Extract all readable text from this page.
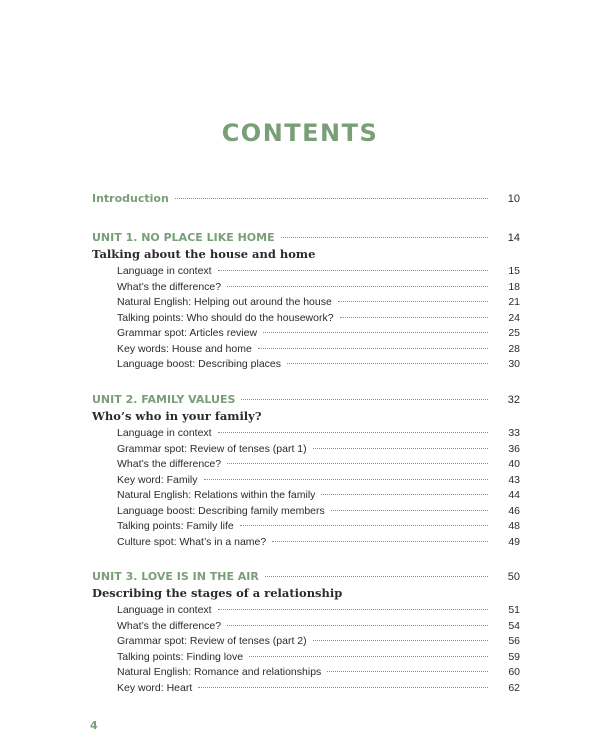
CONTENTS
Introduction	10
UNIT 1. NO PLACE LIKE HOME	14
Talking about the house and home
Language in context	15
What’s the difference?	18
Natural English: Helping out around the house	21
Talking points: Who should do the housework?	24
Grammar spot: Articles review	25
Key words: House and home	28
Language boost: Describing places	30
UNIT 2. FAMILY VALUES	32
Who’s who in your family?
Language in context	33
Grammar spot: Review of tenses (part 1)	36
What’s the difference?	40
Key word: Family	43
Natural English: Relations within the family	44
Language boost: Describing family members	46
Talking points: Family life	48
Culture spot: What’s in a name?	49
UNIT 3. LOVE IS IN THE AIR	50
Describing the stages of a relationship
Language in context	51
What’s the difference?	54
Grammar spot: Review of tenses (part 2)	56
Talking points: Finding love	59
Natural English: Romance and relationships	60
Key word: Heart	62
4
